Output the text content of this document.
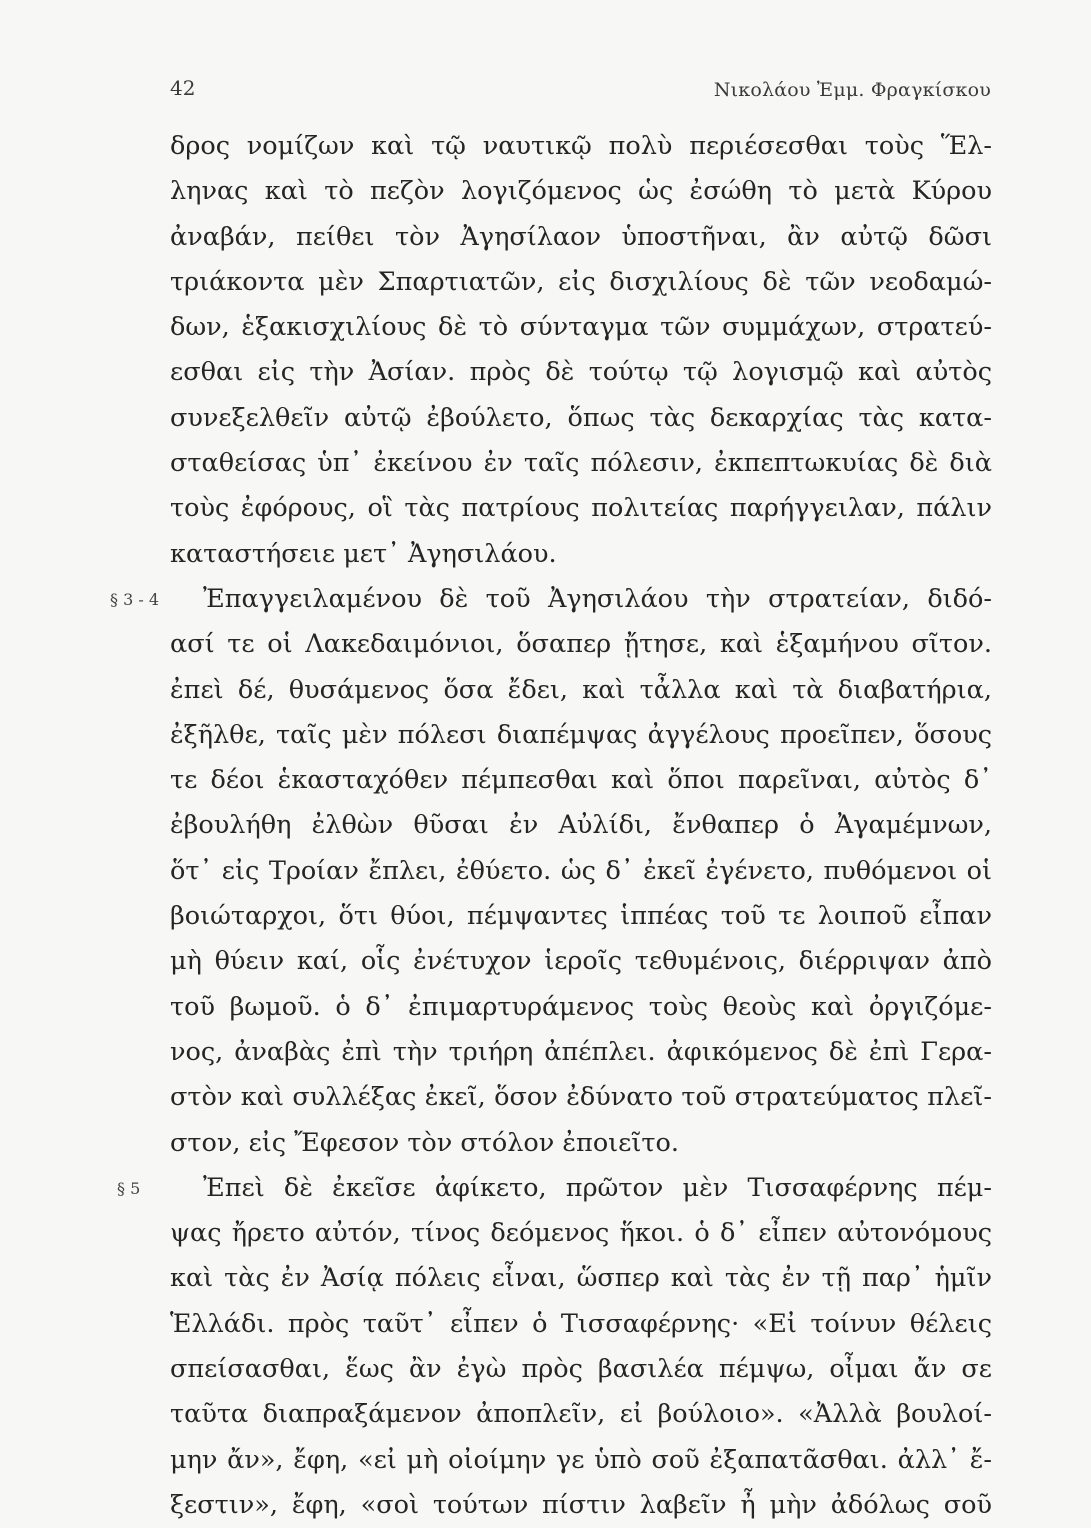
42	Νικολάου Ἐμμ. Φραγκίσκου
δρος νομίζων καὶ τῷ ναυτικῷ πολὺ περιέσεσθαι τοὺς Ἕλ-
ληνας καὶ τὸ πεζὸν λογιζόμενος ὡς ἐσώθη τὸ μετὰ Κύρου
ἀναβάν, πείθει τὸν Ἀγησίλαον ὑποστῆναι, ἂν αὐτῷ δῶσι
τριάκοντα μὲν Σπαρτιατῶν, εἰς δισχιλίους δὲ τῶν νεοδαμώ-
δων, ἑξακισχιλίους δὲ τὸ σύνταγμα τῶν συμμάχων, στρατεύ-
εσθαι εἰς τὴν Ἀσίαν. πρὸς δὲ τούτῳ τῷ λογισμῷ καὶ αὐτὸς
συνεξελθεῖν αὐτῷ ἐβούλετο, ὅπως τὰς δεκαρχίας τὰς κατα-
σταθείσας ὑπ᾽ ἐκείνου ἐν ταῖς πόλεσιν, ἐκπεπτωκυίας δὲ διὰ
τοὺς ἐφόρους, οἳ τὰς πατρίους πολιτείας παρήγγειλαν, πάλιν
καταστήσειε μετ᾽ Ἀγησιλάου.
§ 3 - 4 Ἐπαγγειλαμένου δὲ τοῦ Ἀγησιλάου τὴν στρατείαν, διδό-
ασί τε οἱ Λακεδαιμόνιοι, ὅσαπερ ᾔτησε, καὶ ἑξαμήνου σῖτον.
ἐπεὶ δέ, θυσάμενος ὅσα ἔδει, καὶ τἆλλα καὶ τὰ διαβατήρια,
ἐξῆλθε, ταῖς μὲν πόλεσι διαπέμψας ἀγγέλους προεῖπεν, ὅσους
τε δέοι ἑκασταχόθεν πέμπεσθαι καὶ ὅποι παρεῖναι, αὐτὸς δ᾽
ἐβουλήθη ἐλθὼν θῦσαι ἐν Αὐλίδι, ἔνθαπερ ὁ Ἀγαμέμνων,
ὅτ᾽ εἰς Τροίαν ἔπλει, ἐθύετο. ὡς δ᾽ ἐκεῖ ἐγένετο, πυθόμενοι οἱ
βοιώταρχοι, ὅτι θύοι, πέμψαντες ἱππέας τοῦ τε λοιποῦ εἶπαν
μὴ θύειν καί, οἷς ἐνέτυχον ἱεροῖς τεθυμένοις, διέρριψαν ἀπὸ
τοῦ βωμοῦ. ὁ δ᾽ ἐπιμαρτυράμενος τοὺς θεοὺς καὶ ὀργιζόμε-
νος, ἀναβὰς ἐπὶ τὴν τριήρη ἀπέπλει. ἀφικόμενος δὲ ἐπὶ Γερα-
στὸν καὶ συλλέξας ἐκεῖ, ὅσον ἐδύνατο τοῦ στρατεύματος πλεῖ-
στον, εἰς Ἔφεσον τὸν στόλον ἐποιεῖτο.
§ 5 Ἐπεὶ δὲ ἐκεῖσε ἀφίκετο, πρῶτον μὲν Τισσαφέρνης πέμ-
ψας ἤρετο αὐτόν, τίνος δεόμενος ἥκοι. ὁ δ᾽ εἶπεν αὐτονόμους
καὶ τὰς ἐν Ἀσίᾳ πόλεις εἶναι, ὥσπερ καὶ τὰς ἐν τῇ παρ᾽ ἡμῖν
Ἑλλάδι. πρὸς ταῦτ᾽ εἶπεν ὁ Τισσαφέρνης· «Εἰ τοίνυν θέλεις
σπείσασθαι, ἕως ἂν ἐγὼ πρὸς βασιλέα πέμψω, οἶμαι ἄν σε
ταῦτα διαπραξάμενον ἀποπλεῖν, εἰ βούλοιο». «Ἀλλὰ βουλοί-
μην ἄν», ἔφη, «εἰ μὴ οἰοίμην γε ὑπὸ σοῦ ἐξαπατᾶσθαι. ἀλλ᾽ ἔ-
ξεστιν», ἔφη, «σοὶ τούτων πίστιν λαβεῖν ἦ μὴν ἀδόλως σοῦ
